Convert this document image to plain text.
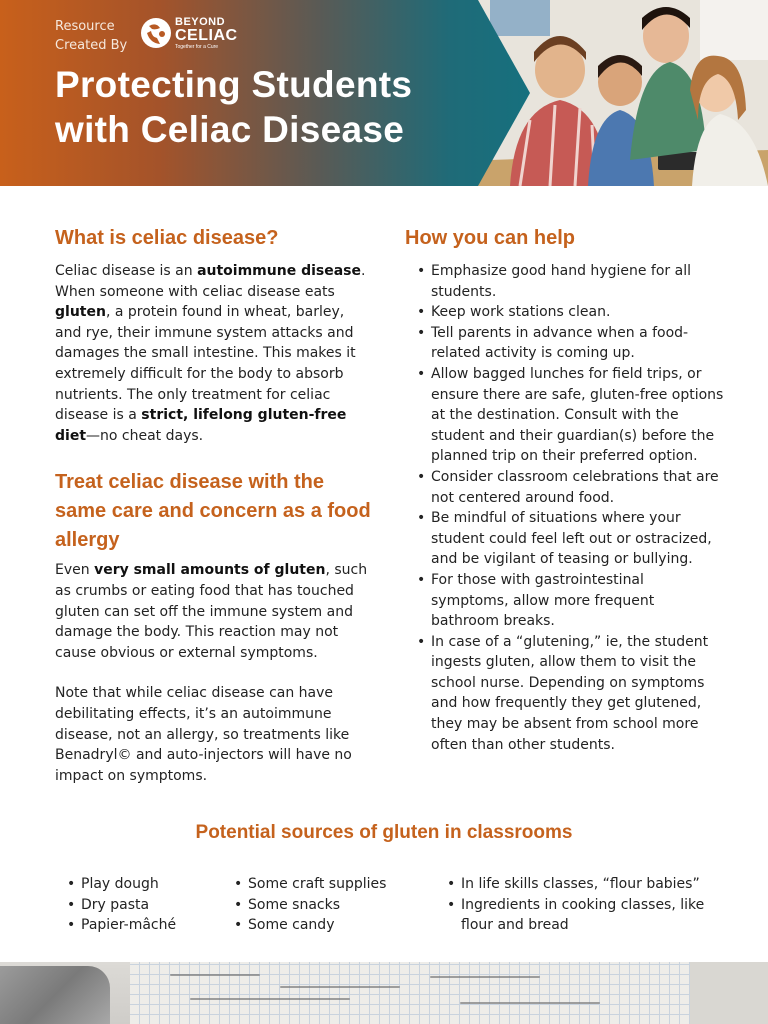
Resource
Created By
BEYOND
CELIAC
Together for a Cure
Protecting Students
with Celiac Disease
What is celiac disease?

Celiac disease is an autoimmune disease. When someone with celiac disease eats gluten, a protein found in wheat, barley, and rye, their immune system attacks and damages the small intestine. This makes it extremely difficult for the body to absorb nutrients. The only treatment for celiac disease is a strict, lifelong gluten-free diet—no cheat days.

Treat celiac disease with the same care and concern as a food allergy

Even very small amounts of gluten, such as crumbs or eating food that has touched gluten can set off the immune system and damage the body. This reaction may not cause obvious or external symptoms.

Note that while celiac disease can have debilitating effects, it’s an autoimmune disease, not an allergy, so treatments like Benadryl© and auto-injectors will have no impact on symptoms.

How you can help
• Emphasize good hand hygiene for all students.
• Keep work stations clean.
• Tell parents in advance when a food-related activity is coming up.
• Allow bagged lunches for field trips, or ensure there are safe, gluten-free options at the destination. Consult with the student and their guardian(s) before the planned trip on their preferred option.
• Consider classroom celebrations that are not centered around food.
• Be mindful of situations where your student could feel left out or ostracized, and be vigilant of teasing or bullying.
• For those with gastrointestinal symptoms, allow more frequent bathroom breaks.
• In case of a “glutening,” ie, the student ingests gluten, allow them to visit the school nurse. Depending on symptoms and how frequently they get glutened, they may be absent from school more often than other students.
Potential sources of gluten in classrooms
• Play dough
• Dry pasta
• Papier-mâché
• Some craft supplies
• Some snacks
• Some candy
• In life skills classes, “flour babies”
• Ingredients in cooking classes, like flour and bread
